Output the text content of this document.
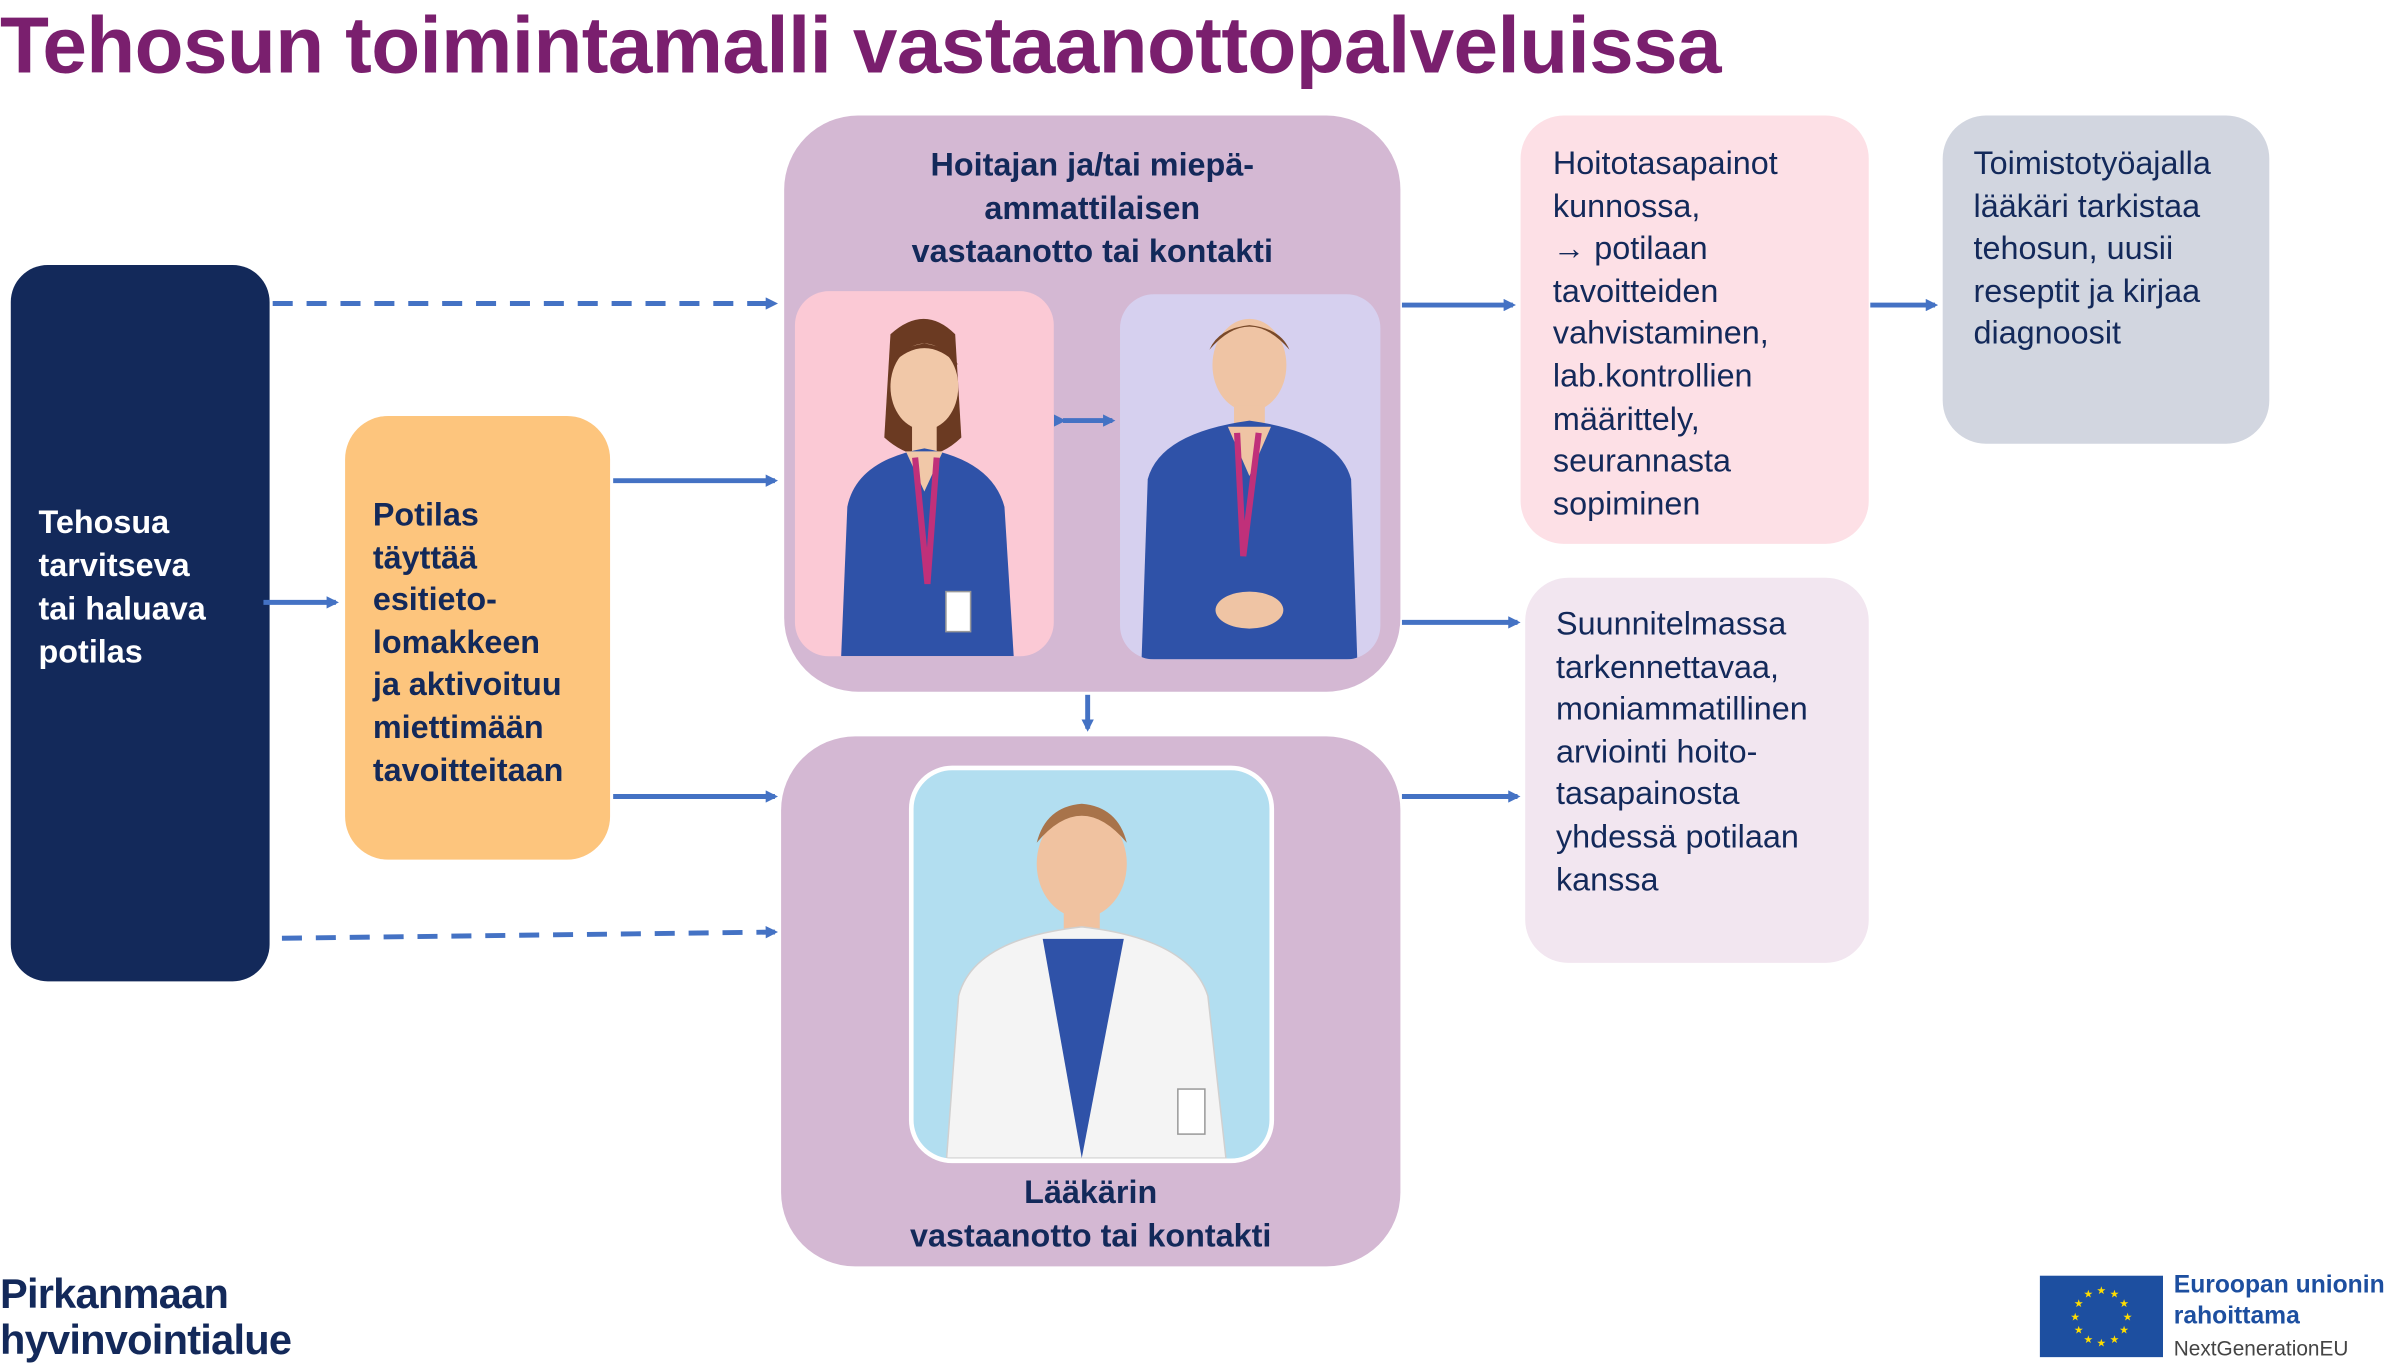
Tehosun toimintamalli vastaanottopalveluissa
Tehosua
tarvitseva
tai haluava
potilas
Potilas
täyttää
esitieto-
lomakkeen
ja aktivoituu
miettimään
tavoitteitaan
Hoitajan ja/tai miepä-
ammattilaisen
vastaanotto tai kontakti
Lääkärin
vastaanotto tai kontakti
Hoitotasapainot
kunnossa,
→ potilaan
tavoitteiden
vahvistaminen,
lab.kontrollien
määrittely,
seurannasta
sopiminen
Suunnitelmassa
tarkennettavaa,
moniammatillinen
arviointi hoito-
tasapainosta
yhdessä potilaan
kanssa
Toimistotyöajalla
lääkäri tarkistaa
tehosun, uusii
reseptit ja kirjaa
diagnoosit
Pirkanmaan
hyvinvointialue
★ ★
★
★
★
★
★
★
★
★
★
★	Euroopan unionin
rahoittama
NextGenerationEU
